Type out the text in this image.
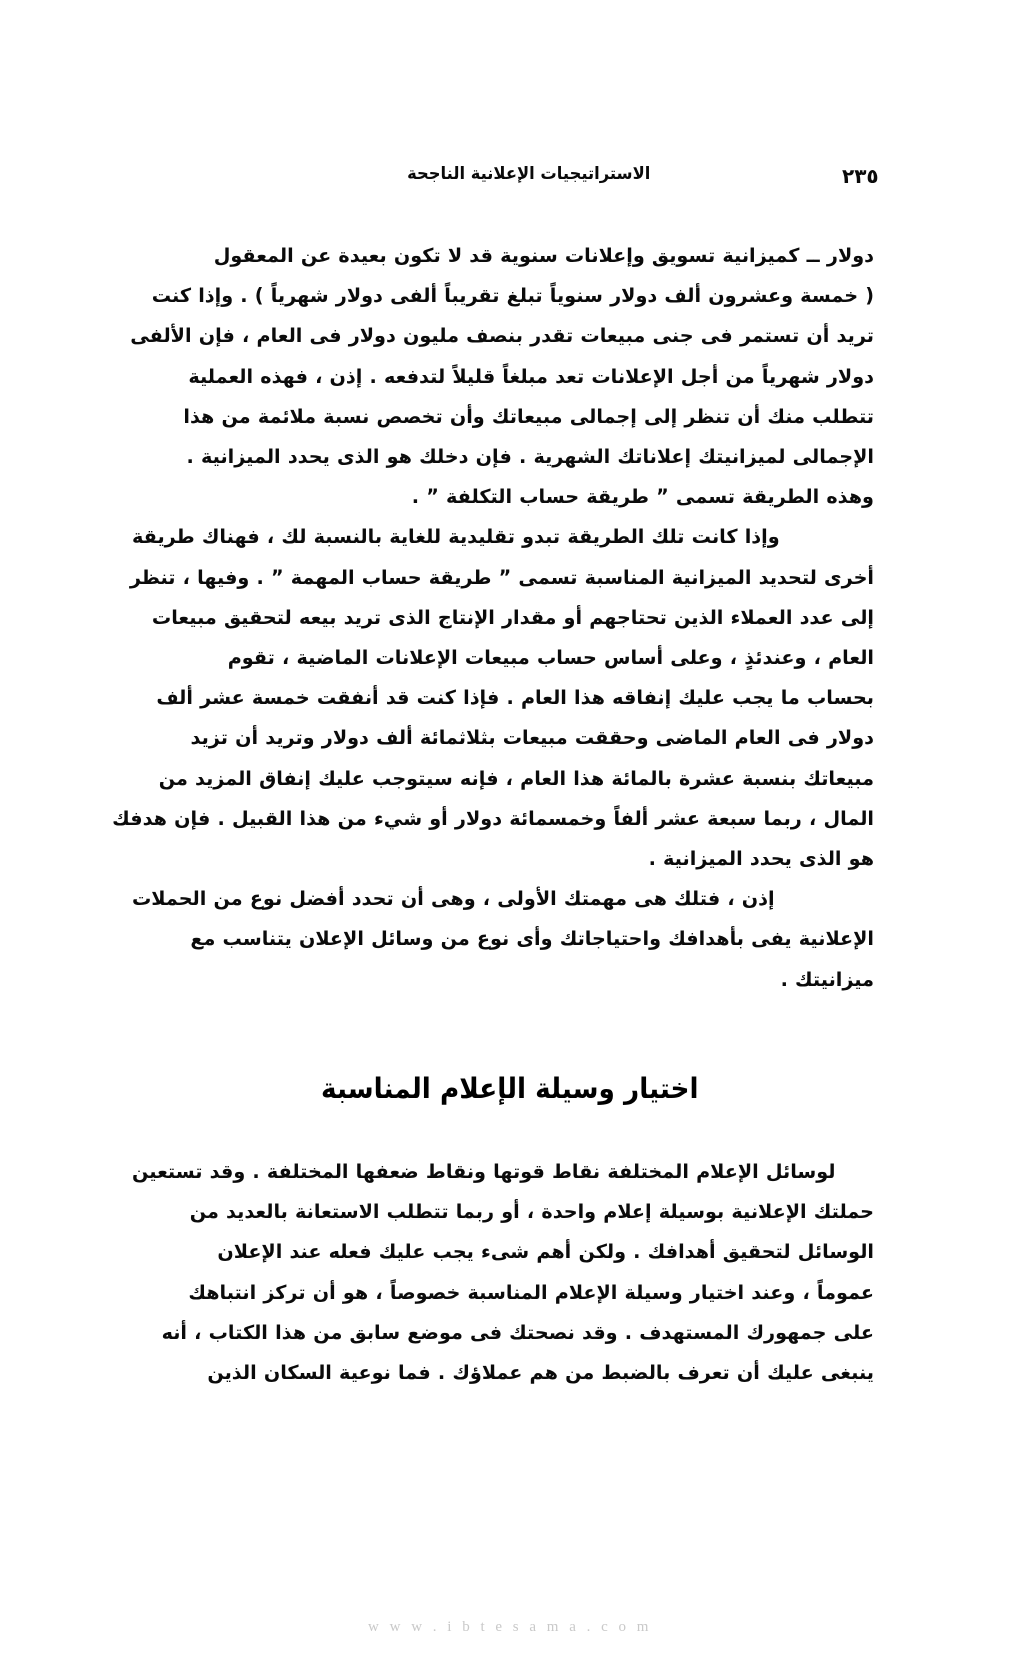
الاستراتيجيات الإعلانية الناجحة	٢٣٥

دولار ــ كميزانية تسويق وإعلانات سنوية قد لا تكون بعيدة عن المعقول
( خمسة وعشرون ألف دولار سنوياً تبلغ تقريباً ألفى دولار شهرياً ) . وإذا كنت
تريد أن تستمر فى جنى مبيعات تقدر بنصف مليون دولار فى العام ، فإن الألفى
دولار شهرياً من أجل الإعلانات تعد مبلغاً قليلاً لتدفعه . إذن ، فهذه العملية
تتطلب منك أن تنظر إلى إجمالى مبيعاتك وأن تخصص نسبة ملائمة من هذا
الإجمالى لميزانيتك إعلاناتك الشهرية . فإن دخلك هو الذى يحدد الميزانية .
وهذه الطريقة تسمى ” طريقة حساب التكلفة ” .

وإذا كانت تلك الطريقة تبدو تقليدية للغاية بالنسبة لك ، فهناك طريقة
أخرى لتحديد الميزانية المناسبة تسمى ” طريقة حساب المهمة ” . وفيها ، تنظر
إلى عدد العملاء الذين تحتاجهم أو مقدار الإنتاج الذى تريد بيعه لتحقيق مبيعات
العام ، وعندئذٍ ، وعلى أساس حساب مبيعات الإعلانات الماضية ، تقوم
بحساب ما يجب عليك إنفاقه هذا العام . فإذا كنت قد أنفقت خمسة عشر ألف
دولار فى العام الماضى وحققت مبيعات بثلاثمائة ألف دولار وتريد أن تزيد
مبيعاتك بنسبة عشرة بالمائة هذا العام ، فإنه سيتوجب عليك إنفاق المزيد من
المال ، ربما سبعة عشر ألفاً وخمسمائة دولار أو شيء من هذا القبيل . فإن هدفك
هو الذى يحدد الميزانية .

إذن ، فتلك هى مهمتك الأولى ، وهى أن تحدد أفضل نوع من الحملات
الإعلانية يفى بأهدافك واحتياجاتك وأى نوع من وسائل الإعلان يتناسب مع
ميزانيتك .

اختيار وسيلة الإعلام المناسبة

لوسائل الإعلام المختلفة نقاط قوتها ونقاط ضعفها المختلفة . وقد تستعين
حملتك الإعلانية بوسيلة إعلام واحدة ، أو ربما تتطلب الاستعانة بالعديد من
الوسائل لتحقيق أهدافك . ولكن أهم شىء يجب عليك فعله عند الإعلان
عموماً ، وعند اختيار وسيلة الإعلام المناسبة خصوصاً ، هو أن تركز انتباهك
على جمهورك المستهدف . وقد نصحتك فى موضع سابق من هذا الكتاب ، أنه
ينبغى عليك أن تعرف بالضبط من هم عملاؤك . فما نوعية السكان الذين

w w w . i b t e s a m a . c o m
